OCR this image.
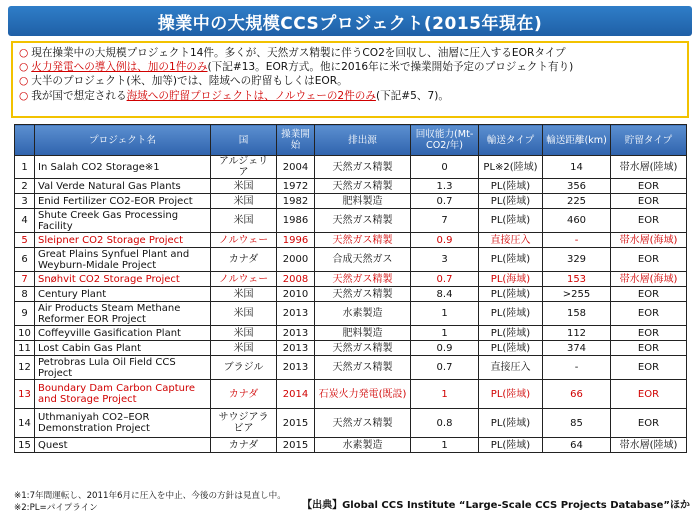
操業中の大規模CCSプロジェクト(2015年現在)
○ 現在操業中の大規模プロジェクト14件。多くが、天然ガス精製に伴うCO2を回収し、油層に圧入するEORタイプ
○ 火力発電への導入例は、加の1件のみ(下記#13。EOR方式。他に2016年に米で操業開始予定のプロジェクト有り)
○ 大半のプロジェクト(米、加等)では、陸域への貯留もしくはEOR。
○ 我が国で想定される海域への貯留プロジェクトは、ノルウェーの2件のみ(下記#5、7)。
	プロジェクト名	国	操業開始	排出源	回収能力(Mt-CO2/年)	輸送タイプ	輸送距離(km)	貯留タイプ
1	In Salah CO2 Storage※1	アルジェリア	2004	天然ガス精製	0	PL※2(陸域)	14	帯水層(陸域)
2	Val Verde Natural Gas Plants	米国	1972	天然ガス精製	1.3	PL(陸域)	356	EOR
3	Enid Fertilizer CO2-EOR Project	米国	1982	肥料製造	0.7	PL(陸域)	225	EOR
4	Shute Creek Gas Processing Facility	米国	1986	天然ガス精製	7	PL(陸域)	460	EOR
5	Sleipner CO2 Storage Project	ノルウェー	1996	天然ガス精製	0.9	直接圧入	-	帯水層(海域)
6	Great Plains Synfuel Plant and Weyburn-Midale Project	カナダ	2000	合成天然ガス	3	PL(陸域)	329	EOR
7	Snøhvit CO2 Storage Project	ノルウェー	2008	天然ガス精製	0.7	PL(海域)	153	帯水層(海域)
8	Century Plant	米国	2010	天然ガス精製	8.4	PL(陸域)	>255	EOR
9	Air Products Steam Methane Reformer EOR Project	米国	2013	水素製造	1	PL(陸域)	158	EOR
10	Coffeyville Gasification Plant	米国	2013	肥料製造	1	PL(陸域)	112	EOR
11	Lost Cabin Gas Plant	米国	2013	天然ガス精製	0.9	PL(陸域)	374	EOR
12	Petrobras Lula Oil Field CCS Project	ブラジル	2013	天然ガス精製	0.7	直接圧入	-	EOR
13	Boundary Dam Carbon Capture and Storage Project	カナダ	2014	石炭火力発電(既設)	1	PL(陸域)	66	EOR
14	Uthmaniyah CO2–EOR Demonstration Project	サウジアラビア	2015	天然ガス精製	0.8	PL(陸域)	85	EOR
15	Quest	カナダ	2015	水素製造	1	PL(陸域)	64	帯水層(陸域)
※1:7年間運転し、2011年6月に圧入を中止、今後の方針は見直し中。
※2:PL=パイプライン	【出典】Global CCS Institute “Large-Scale CCS Projects Database”ほか
